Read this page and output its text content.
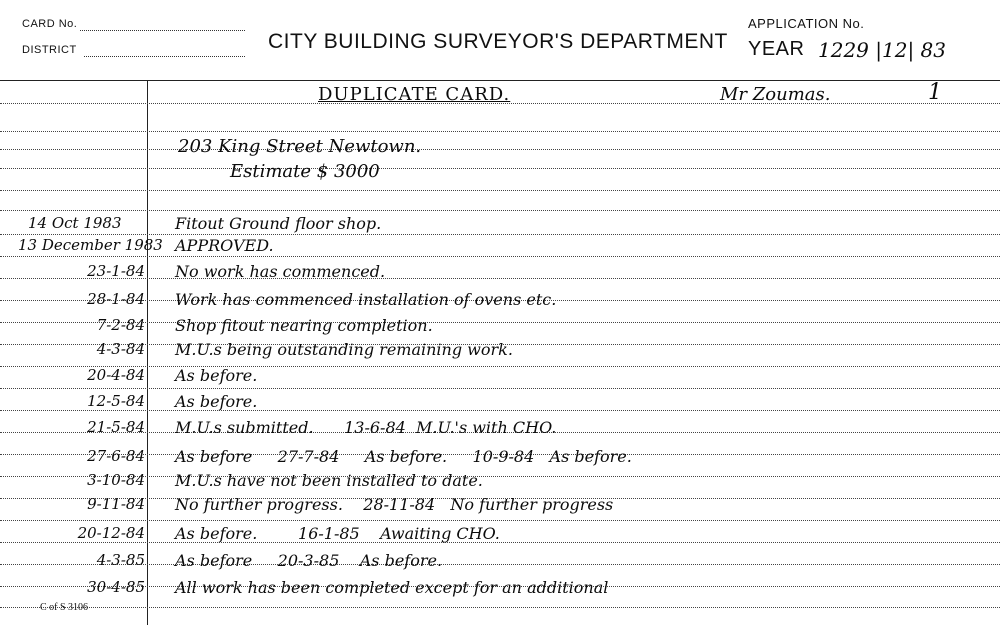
CARD No.
DISTRICT	CITY BUILDING SURVEYOR'S DEPARTMENT
APPLICATION No.
YEAR 1229 |12| 83
DUPLICATE CARD.	Mr Zoumas.	1
203 King Street Newtown.
Estimate $ 3000
14 Oct 1983	Fitout Ground floor shop.
13 December 1983 APPROVED.
23-1-84 No work has commenced.
28-1-84 Work has commenced installation of ovens etc.
7-2-84 Shop fitout nearing completion.
4-3-84 M.U.s being outstanding remaining work.
20-4-84 As before.
12-5-84 As before.
21-5-84 M.U.s submitted.      13-6-84  M.U.'s with CHO.
27-6-84 As before     27-7-84     As before.     10-9-84   As before.
3-10-84 M.U.s have not been installed to date.
9-11-84 No further progress.    28-11-84   No further progress
20-12-84 As before.        16-1-85    Awaiting CHO.
4-3-85 As before     20-3-85    As before.
30-4-85 All work has been completed except for an additional
C of S 3106
